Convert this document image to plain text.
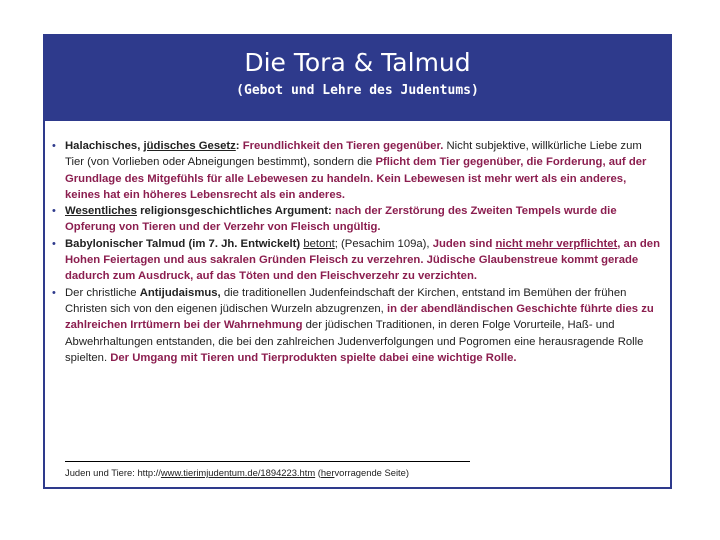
Die Tora & Talmud
(Gebot und Lehre des Judentums)

• Halachisches, jüdisches Gesetz: Freundlichkeit den Tieren gegenüber. Nicht subjektive, willkürliche Liebe zum Tier (von Vorlieben oder Abneigungen bestimmt), sondern die Pflicht dem Tier gegenüber, die Forderung, auf der Grundlage des Mitgefühls für alle Lebewesen zu handeln. Kein Lebewesen ist mehr wert als ein anderes, keines hat ein höheres Lebensrecht als ein anderes.

• Wesentliches religionsgeschichtliches Argument: nach der Zerstörung des Zweiten Tempels wurde die Opferung von Tieren und der Verzehr von Fleisch ungültig.

• Babylonischer Talmud (im 7. Jh. Entwickelt) betont; (Pesachim 109a), Juden sind nicht mehr verpflichtet, an den Hohen Feiertagen und aus sakralen Gründen Fleisch zu verzehren. Jüdische Glaubenstreue kommt gerade dadurch zum Ausdruck, auf das Töten und den Fleischverzehr zu verzichten.

• Der christliche Antijudaismus, die traditionellen Judenfeindschaft der Kirchen, entstand im Bemühen der frühen Christen sich von den eigenen jüdischen Wurzeln abzugrenzen, in der abendländischen Geschichte führte dies zu zahlreichen Irrtümern bei der Wahrnehmung der jüdischen Traditionen, in deren Folge Vorurteile, Haß- und Abwehrhaltungen entstanden, die bei den zahlreichen Judenverfolgungen und Pogromen eine herausragende Rolle spielten. Der Umgang mit Tieren und Tierprodukten spielte dabei eine wichtige Rolle.

Juden und Tiere: http://www.tierimjudentum.de/1894223.htm (hervorragende Seite)
